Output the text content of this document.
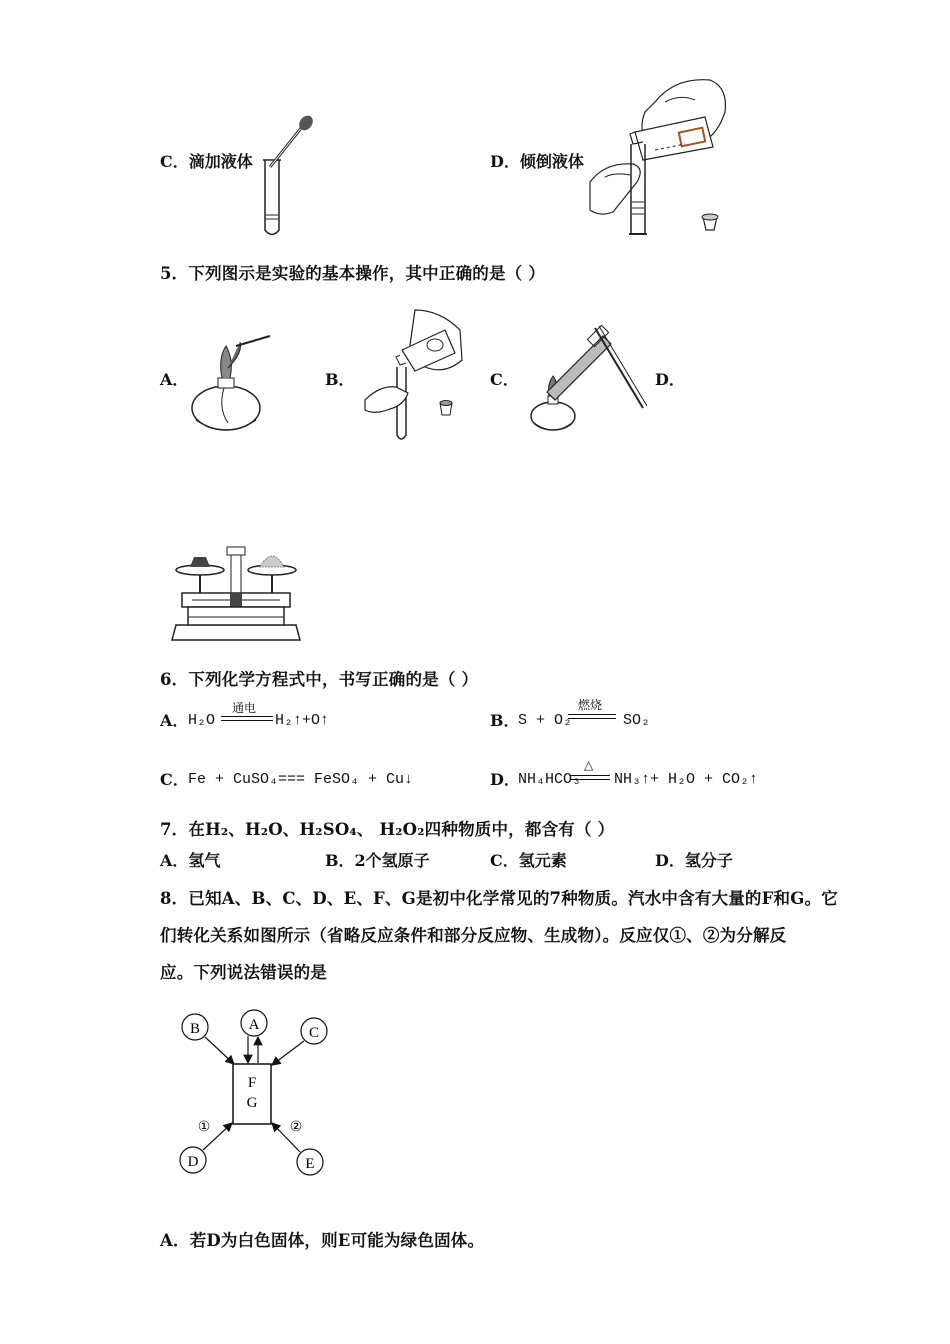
C．滴加液体	D．倾倒液体
5．下列图示是实验的基本操作，其中正确的是（ ）
A．	B．	C．	D．
6．下列化学方程式中，书写正确的是（ ）
A． H₂O
通电
H₂↑+O↑	B．
S + O₂
燃烧
SO₂
C． Fe + CuSO₄=== FeSO₄ + Cu↓	D．
NH₄HCO₃
△
NH₃↑+ H₂O + CO₂↑
7．在H₂、H₂O、H₂SO₄、 H₂O₂四种物质中，都含有（ ）
A．氢气	B．2个氢原子	C．氢元素	D．氢分子
8．已知A、B、C、D、E、F、G是初中化学常见的7种物质。汽水中含有大量的F和G。它
们转化关系如图所示（省略反应条件和部分反应物、生成物）。反应仅①、②为分解反
应。下列说法错误的是
B	A	C
D	E
F
G
①	②
A．若D为白色固体，则E可能为绿色固体。
